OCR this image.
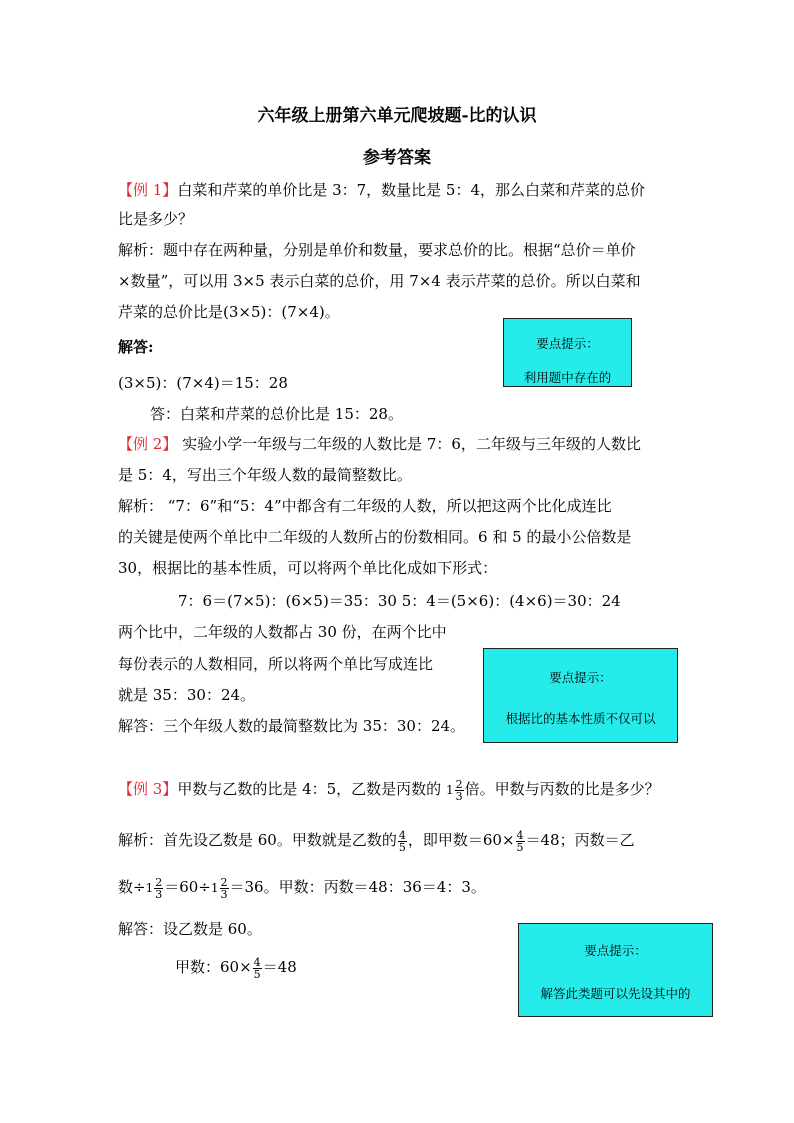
六年级上册第六单元爬坡题-比的认识
参考答案
【例 1】白菜和芹菜的单价比是 3：7，数量比是 5：4，那么白菜和芹菜的总价
比是多少？
解析：题中存在两种量，分别是单价和数量，要求总价的比。根据“总价＝单价
×数量”，可以用 3×5 表示白菜的总价，用 7×4 表示芹菜的总价。所以白菜和
芹菜的总价比是(3×5)：(7×4)。
解答:
(3×5)：(7×4)＝15：28
答：白菜和芹菜的总价比是 15：28。
要点提示：
利用题中存在的
【例 2】 实验小学一年级与二年级的人数比是 7：6，二年级与三年级的人数比
是 5：4，写出三个年级人数的最简整数比。
解析： “7：6”和“5：4”中都含有二年级的人数，所以把这两个比化成连比
的关键是使两个单比中二年级的人数所占的份数相同。6 和 5 的最小公倍数是
30，根据比的基本性质，可以将两个单比化成如下形式：
7：6＝(7×5)：(6×5)＝35：30 5：4＝(5×6)：(4×6)＝30：24
两个比中，二年级的人数都占 30 份，在两个比中
每份表示的人数相同，所以将两个单比写成连比
就是 35：30：24。
解答：三个年级人数的最简整数比为 35：30：24。
要点提示：
根据比的基本性质不仅可以
【例 3】甲数与乙数的比是 4：5，乙数是丙数的 $1 \frac{2}{3}$ 倍。甲数与丙数的比是多少？
解析：首先设乙数是 60。甲数就是乙数的 $\frac{4}{5}$ ，即甲数$=60\times \frac{4}{5} =48$；丙数＝乙
数$\div 1 \frac{2}{3} =60\div 1 \frac{2}{3} =36$。甲数：丙数＝48：36＝4：3。
解答：设乙数是 60。
甲数：$60\times \frac{4}{5} =48$
要点提示：
解答此类题可以先设其中的
